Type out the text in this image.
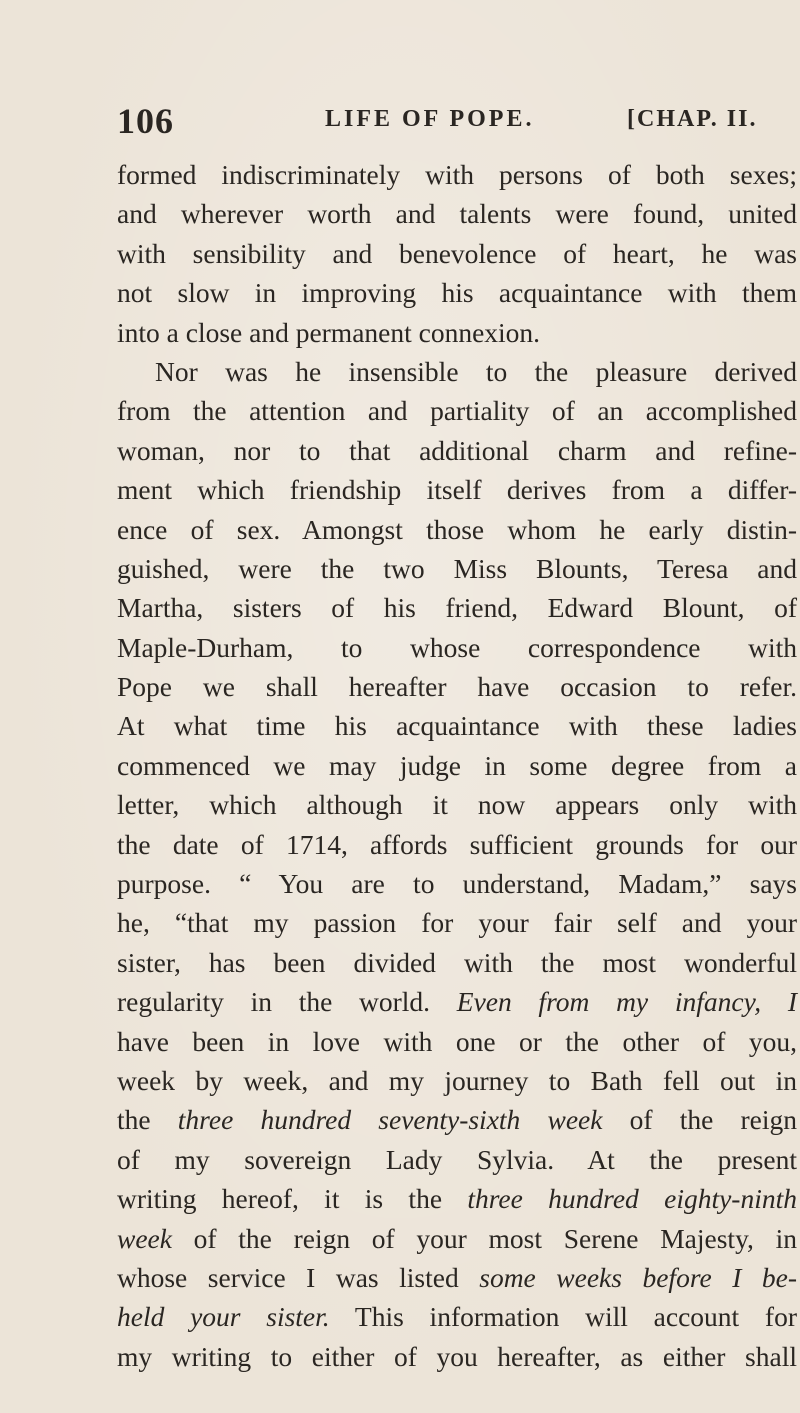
106	LIFE OF POPE.	[CHAP. II.
formed indiscriminately with persons of both sexes;
and wherever worth and talents were found, united
with sensibility and benevolence of heart, he was
not slow in improving his acquaintance with them
into a close and permanent connexion.
Nor was he insensible to the pleasure derived
from the attention and partiality of an accomplished
woman, nor to that additional charm and refine-
ment which friendship itself derives from a differ-
ence of sex. Amongst those whom he early distin-
guished, were the two Miss Blounts, Teresa and
Martha, sisters of his friend, Edward Blount, of
Maple-Durham, to whose correspondence with
Pope we shall hereafter have occasion to refer.
At what time his acquaintance with these ladies
commenced we may judge in some degree from a
letter, which although it now appears only with
the date of 1714, affords sufficient grounds for our
purpose. “ You are to understand, Madam,” says
he, “that my passion for your fair self and your
sister, has been divided with the most wonderful
regularity in the world. Even from my infancy, I
have been in love with one or the other of you,
week by week, and my journey to Bath fell out in
the three hundred seventy-sixth week of the reign
of my sovereign Lady Sylvia. At the present
writing hereof, it is the three hundred eighty-ninth
week of the reign of your most Serene Majesty, in
whose service I was listed some weeks before I be-
held your sister. This information will account for
my writing to either of you hereafter, as either shall
